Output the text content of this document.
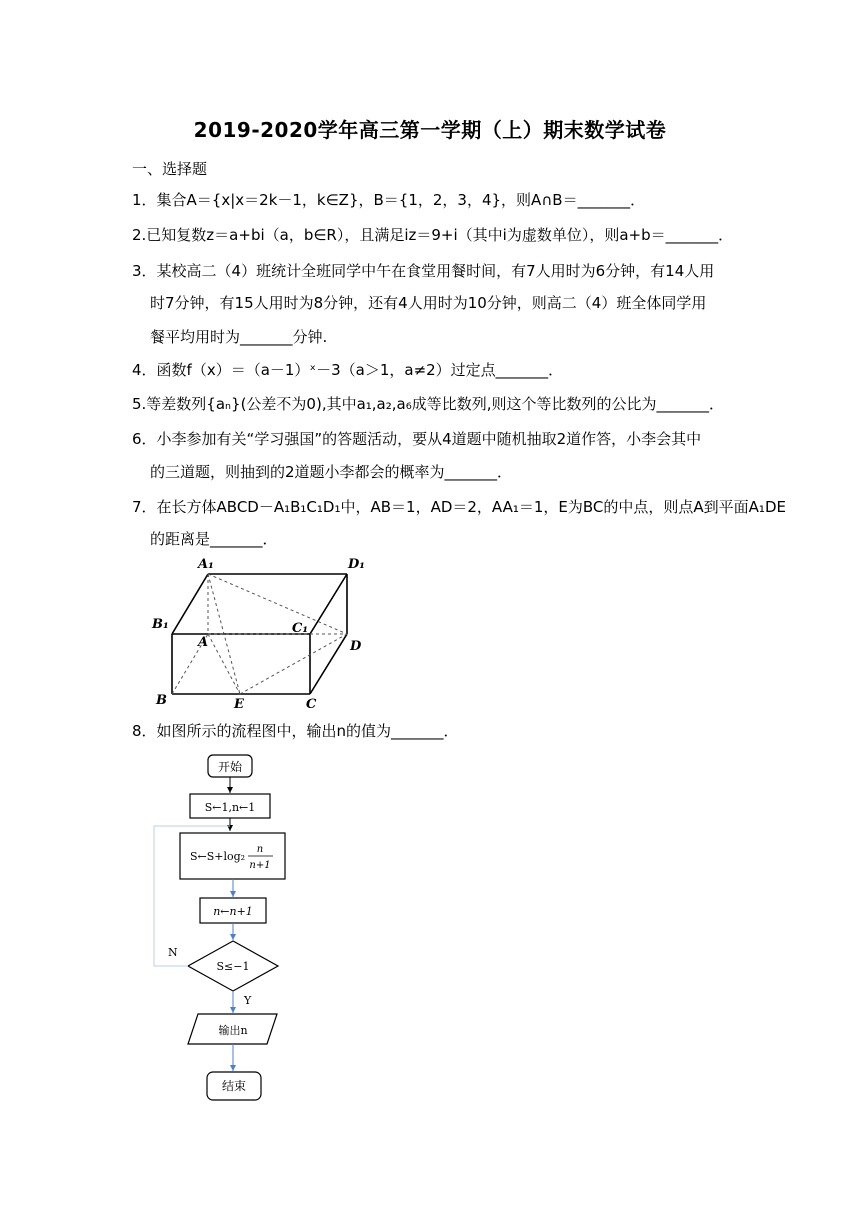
2019-2020学年高三第一学期（上）期末数学试卷
一、选择题
1．集合A＝{x|x＝2k－1，k∈Z}，B＝{1，2，3，4}，则A∩B＝_______．
2.已知复数z＝a+bi（a，b∈R），且满足iz＝9+i（其中i为虚数单位），则a+b＝_______．
3．某校高二（4）班统计全班同学中午在食堂用餐时间，有7人用时为6分钟，有14人用
时7分钟，有15人用时为8分钟，还有4人用时为10分钟，则高二（4）班全体同学用
餐平均用时为_______分钟.
4．函数f（x）＝（a－1）ˣ－3（a＞1，a≠2）过定点_______．
5.等差数列{aₙ}(公差不为0),其中a₁,a₂,a₆成等比数列,则这个等比数列的公比为_______．
6．小李参加有关“学习强国”的答题活动，要从4道题中随机抽取2道作答，小李会其中
的三道题，则抽到的2道题小李都会的概率为_______．
7．在长方体ABCD－A₁B₁C₁D₁中，AB＝1，AD＝2，AA₁＝1，E为BC的中点，则点A到平面A₁DE
的距离是_______．
A₁	D₁
B₁	C₁
A	D
B	E	C
8．如图所示的流程图中，输出n的值为_______．
开始
S←1,n←1
S←S+log₂
n
n+1
n←n+1
S≤−1
N
Y
输出n
结束
